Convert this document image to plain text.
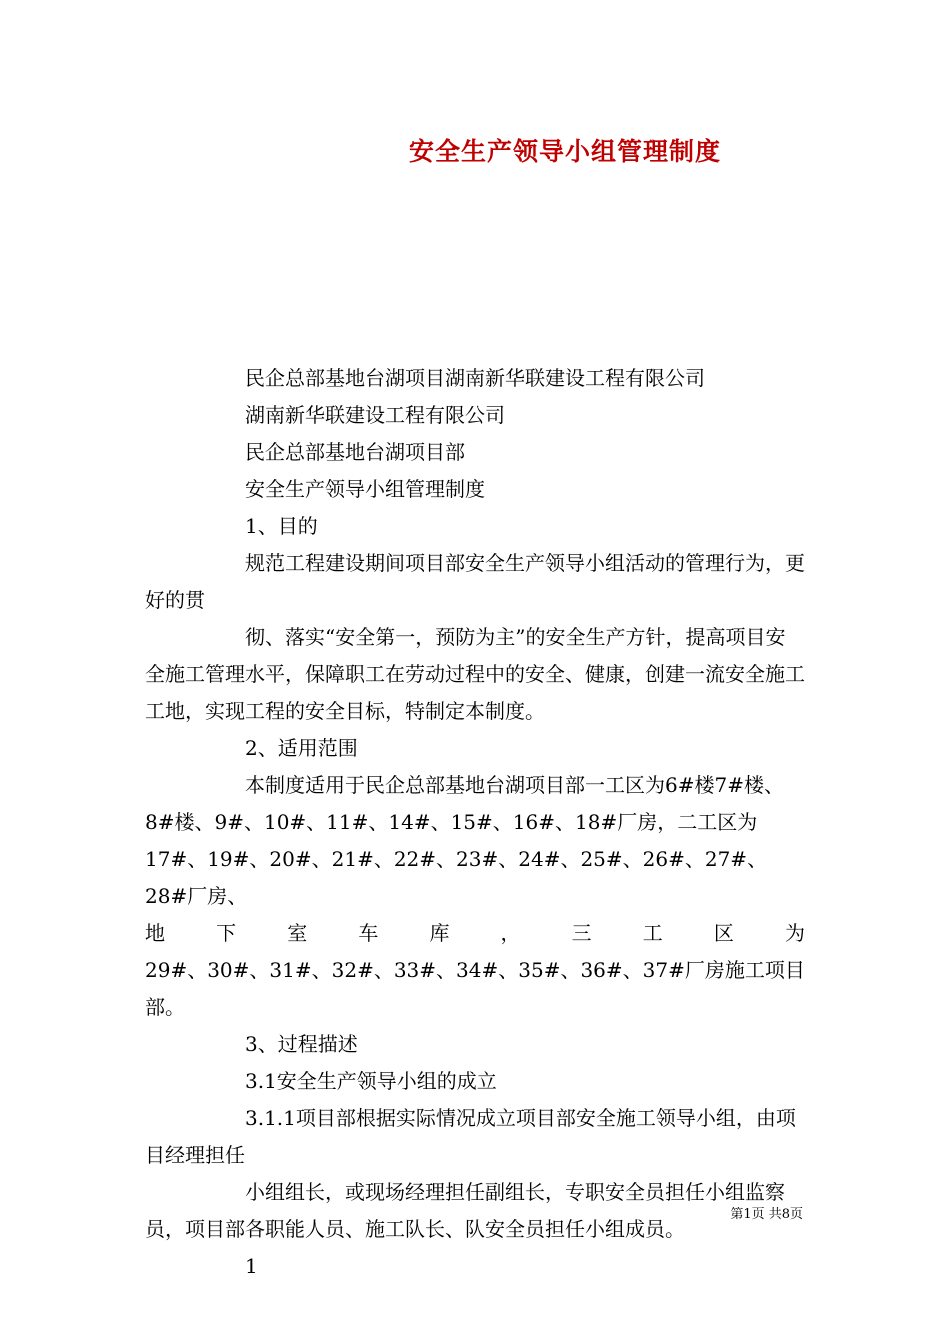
安全生产领导小组管理制度

民企总部基地台湖项目湖南新华联建设工程有限公司

湖南新华联建设工程有限公司

民企总部基地台湖项目部

安全生产领导小组管理制度

1、目的

规范工程建设期间项目部安全生产领导小组活动的管理行为，更好的贯

彻、落实“安全第一，预防为主”的安全生产方针，提高项目安全施工管理水平，保障职工在劳动过程中的安全、健康，创建一流安全施工工地，实现工程的安全目标，特制定本制度。

2、适用范围

本制度适用于民企总部基地台湖项目部一工区为6#楼7#楼、8#楼、9#、10#、11#、14#、15#、16#、18#厂房，二工区为17#、19#、20#、21#、22#、23#、24#、25#、26#、27#、28#厂房、

地下室车库，三工区为

29#、30#、31#、32#、33#、34#、35#、36#、37#厂房施工项目部。

3、过程描述

3.1安全生产领导小组的成立

3.1.1项目部根据实际情况成立项目部安全施工领导小组，由项目经理担任

小组组长，或现场经理担任副组长，专职安全员担任小组监察员，项目部各职能人员、施工队长、队安全员担任小组成员。

1

第1页 共8页
